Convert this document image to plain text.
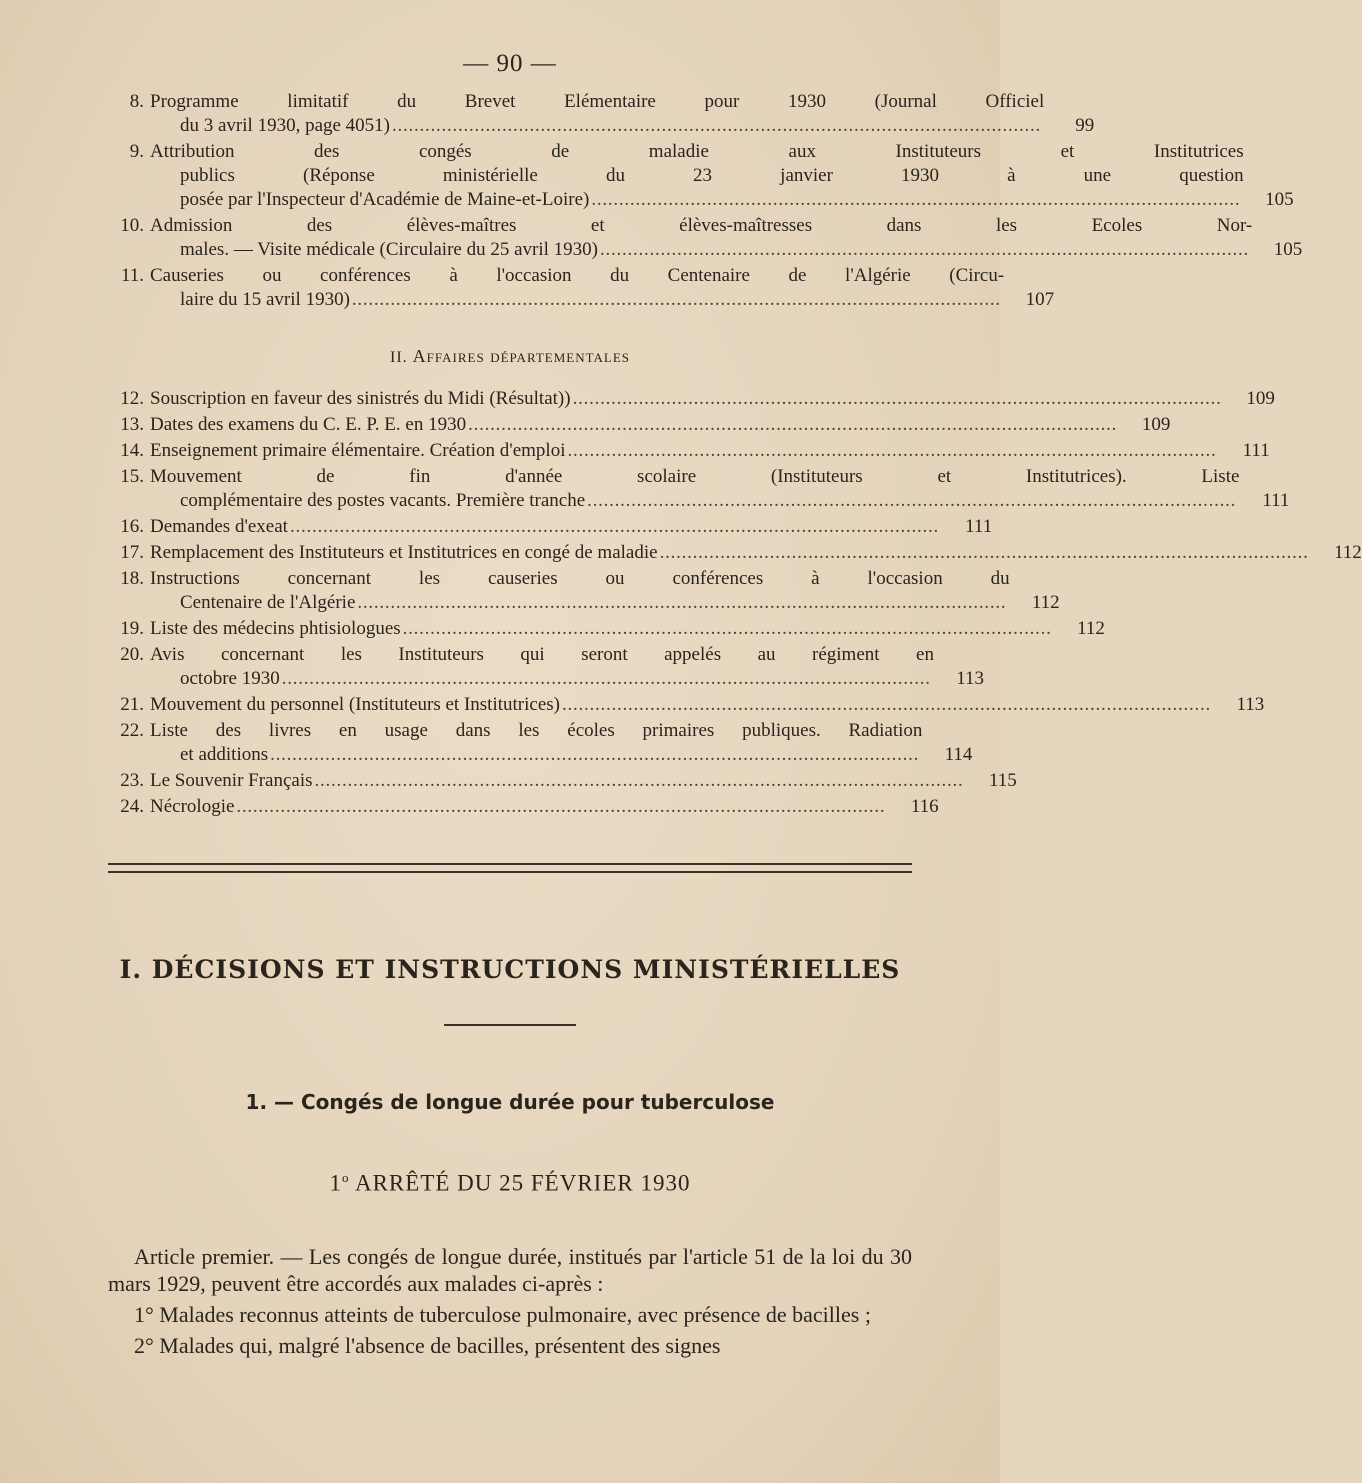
— 90 —
8. Programme limitatif du Brevet Elémentaire pour 1930 (Journal Officiel
du 3 avril 1930, page 4051) . . .	99
9. Attribution des congés de maladie aux Instituteurs et Institutrices
publics (Réponse ministérielle du 23 janvier 1930 à une question
posée par l'Inspecteur d'Académie de Maine-et-Loire) . . .	105
10. Admission des élèves-maîtres et élèves-maîtresses dans les Ecoles Nor-
males. — Visite médicale (Circulaire du 25 avril 1930) . . .	105
11. Causeries ou conférences à l'occasion du Centenaire de l'Algérie (Circu-
laire du 15 avril 1930) . . .	107
II. Affaires départementales
12. Souscription en faveur des sinistrés du Midi (Résultat)) . . .	109
13. Dates des examens du C. E. P. E. en 1930 . . .	109
14. Enseignement primaire élémentaire. Création d'emploi . . .	111
15. Mouvement de fin d'année scolaire (Instituteurs et Institutrices). Liste
complémentaire des postes vacants. Première tranche . . .	111
16. Demandes d'exeat . . .	111
17. Remplacement des Instituteurs et Institutrices en congé de maladie . . .	112
18. Instructions concernant les causeries ou conférences à l'occasion du
Centenaire de l'Algérie . . .	112
19. Liste des médecins phtisiologues . . .	112
20. Avis concernant les Instituteurs qui seront appelés au régiment en
octobre 1930 . . .	113
21. Mouvement du personnel (Instituteurs et Institutrices) . . .	113
22. Liste des livres en usage dans les écoles primaires publiques. Radiation
et additions . . .	114
23. Le Souvenir Français . . .	115
24. Nécrologie . . .	116
I. DÉCISIONS ET INSTRUCTIONS MINISTÉRIELLES
1. — Congés de longue durée pour tuberculose
1$^o$ ARRÊTÉ DU 25 FÉVRIER 1930

Article premier. — Les congés de longue durée, institués par l'article 51 de la loi du 30 mars 1929, peuvent être accordés aux malades ci-après :

1° Malades reconnus atteints de tuberculose pulmonaire, avec présence de bacilles ;

2° Malades qui, malgré l'absence de bacilles, présentent des signes
